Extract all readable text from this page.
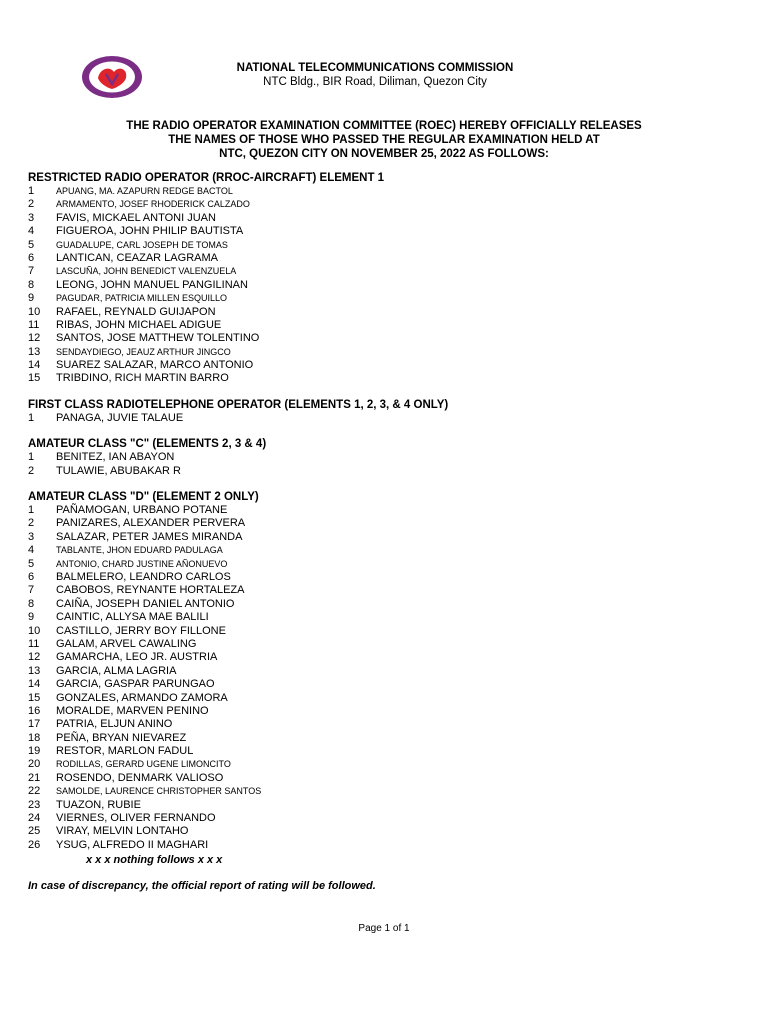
NATIONAL TELECOMMUNICATIONS COMMISSION
NTC Bldg., BIR Road, Diliman, Quezon City
THE RADIO OPERATOR EXAMINATION COMMITTEE (ROEC) HEREBY OFFICIALLY RELEASES
THE NAMES OF THOSE WHO PASSED THE REGULAR EXAMINATION HELD AT
NTC, QUEZON CITY ON NOVEMBER 25, 2022 AS FOLLOWS:
RESTRICTED RADIO OPERATOR (RROC-AIRCRAFT) ELEMENT 1
1 APUANG, MA. AZAPURN REDGE BACTOL
2 ARMAMENTO, JOSEF RHODERICK CALZADO
3 FAVIS, MICKAEL ANTONI JUAN
4 FIGUEROA, JOHN PHILIP BAUTISTA
5 GUADALUPE, CARL JOSEPH DE TOMAS
6 LANTICAN, CEAZAR LAGRAMA
7 LASCUÑA, JOHN BENEDICT VALENZUELA
8 LEONG, JOHN MANUEL PANGILINAN
9 PAGUDAR, PATRICIA MILLEN ESQUILLO
10 RAFAEL, REYNALD GUIJAPON
11 RIBAS, JOHN MICHAEL ADIGUE
12 SANTOS, JOSE MATTHEW TOLENTINO
13 SENDAYDIEGO, JEAUZ ARTHUR JINGCO
14 SUAREZ SALAZAR, MARCO ANTONIO
15 TRIBDINO, RICH MARTIN BARRO
FIRST CLASS RADIOTELEPHONE OPERATOR (ELEMENTS 1, 2, 3, & 4 ONLY)
1 PANAGA, JUVIE TALAUE
AMATEUR CLASS "C" (ELEMENTS 2, 3 & 4)
1 BENITEZ, IAN ABAYON
2 TULAWIE, ABUBAKAR R
AMATEUR CLASS "D" (ELEMENT 2 ONLY)
1 PAÑAMOGAN, URBANO POTANE
2 PANIZARES, ALEXANDER PERVERA
3 SALAZAR, PETER JAMES MIRANDA
4 TABLANTE, JHON EDUARD PADULAGA
5 ANTONIO, CHARD JUSTINE AÑONUEVO
6 BALMELERO, LEANDRO CARLOS
7 CABOBOS, REYNANTE HORTALEZA
8 CAIÑA, JOSEPH DANIEL ANTONIO
9 CAINTIC, ALLYSA MAE BALILI
10 CASTILLO, JERRY BOY FILLONE
11 GALAM, ARVEL CAWALING
12 GAMARCHA, LEO JR. AUSTRIA
13 GARCIA, ALMA LAGRIA
14 GARCIA, GASPAR PARUNGAO
15 GONZALES, ARMANDO ZAMORA
16 MORALDE, MARVEN PENINO
17 PATRIA, ELJUN ANINO
18 PEÑA, BRYAN NIEVAREZ
19 RESTOR, MARLON FADUL
20 RODILLAS, GERARD UGENE LIMONCITO
21 ROSENDO, DENMARK VALIOSO
22 SAMOLDE, LAURENCE CHRISTOPHER SANTOS
23 TUAZON, RUBIE
24 VIERNES, OLIVER FERNANDO
25 VIRAY, MELVIN LONTAHO
26 YSUG, ALFREDO II MAGHARI
x x x nothing follows x x x
In case of discrepancy, the official report of rating will be followed.
Page 1 of 1
